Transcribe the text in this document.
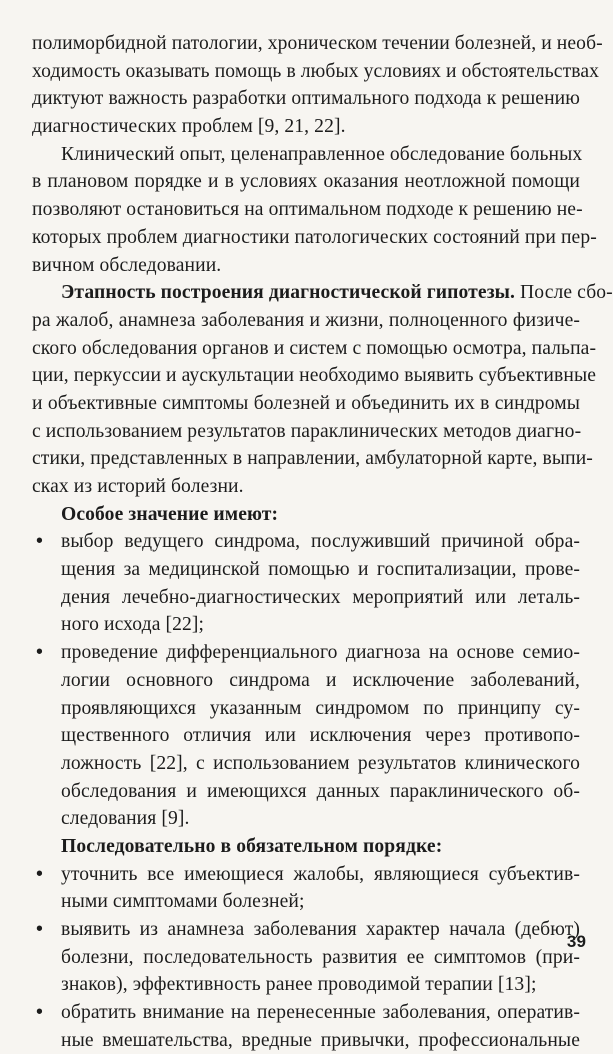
полиморбидной патологии, хроническом течении болезней, и необ-
ходимость оказывать помощь в любых условиях и обстоятельствах
диктуют важность разработки оптимального подхода к решению
диагностических проблем [9, 21, 22].
Клинический опыт, целенаправленное обследование больных
в плановом порядке и в условиях оказания неотложной помощи
позволяют остановиться на оптимальном подходе к решению не-
которых проблем диагностики патологических состояний при пер-
вичном обследовании.
Этапность построения диагностической гипотезы. После сбо-
ра жалоб, анамнеза заболевания и жизни, полноценного физиче-
ского обследования органов и систем с помощью осмотра, пальпа-
ции, перкуссии и аускультации необходимо выявить субъективные
и объективные симптомы болезней и объединить их в синдромы
с использованием результатов параклинических методов диагно-
стики, представленных в направлении, амбулаторной карте, выпи-
сках из историй болезни.
Особое значение имеют:
• выбор ведущего синдрома, послуживший причиной обра-
щения за медицинской помощью и госпитализации, прове-
дения лечебно-диагностических мероприятий или леталь-
ного исхода [22];
• проведение дифференциального диагноза на основе семио-
логии основного синдрома и исключение заболеваний,
проявляющихся указанным синдромом по принципу су-
щественного отличия или исключения через противопо-
ложность [22], с использованием результатов клинического
обследования и имеющихся данных параклинического об-
следования [9].
Последовательно в обязательном порядке:
• уточнить все имеющиеся жалобы, являющиеся субъектив-
ными симптомами болезней;
• выявить из анамнеза заболевания характер начала (дебют)
болезни, последовательность развития ее симптомов (при-
знаков), эффективность ранее проводимой терапии [13];
• обратить внимание на перенесенные заболевания, оператив-
ные вмешательства, вредные привычки, профессиональные
39
